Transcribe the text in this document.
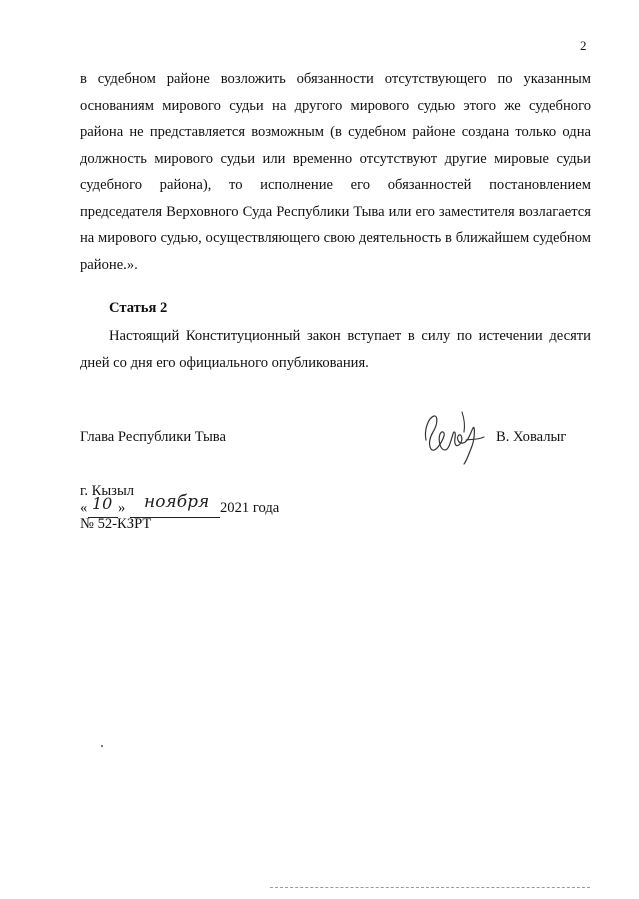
2

в судебном районе возложить обязанности отсутствующего по указанным основаниям мирового судьи на другого мирового судью этого же судебного района не представляется возможным (в судебном районе создана только одна должность мирового судьи или временно отсутствуют другие мировые судьи судебного района), то исполнение его обязанностей постановлением председателя Верховного Суда Республики Тыва или его заместителя возлагается на мирового судью, осуществляющего свою деятельность в ближайшем судебном районе.».

Статья 2

Настоящий Конституционный закон вступает в силу по истечении десяти дней со дня его официального опубликования.

Глава Республики Тыва	В. Ховалыг
г. Кызыл
« 10 » ноября 2021 года
№ 52-КЗРТ
